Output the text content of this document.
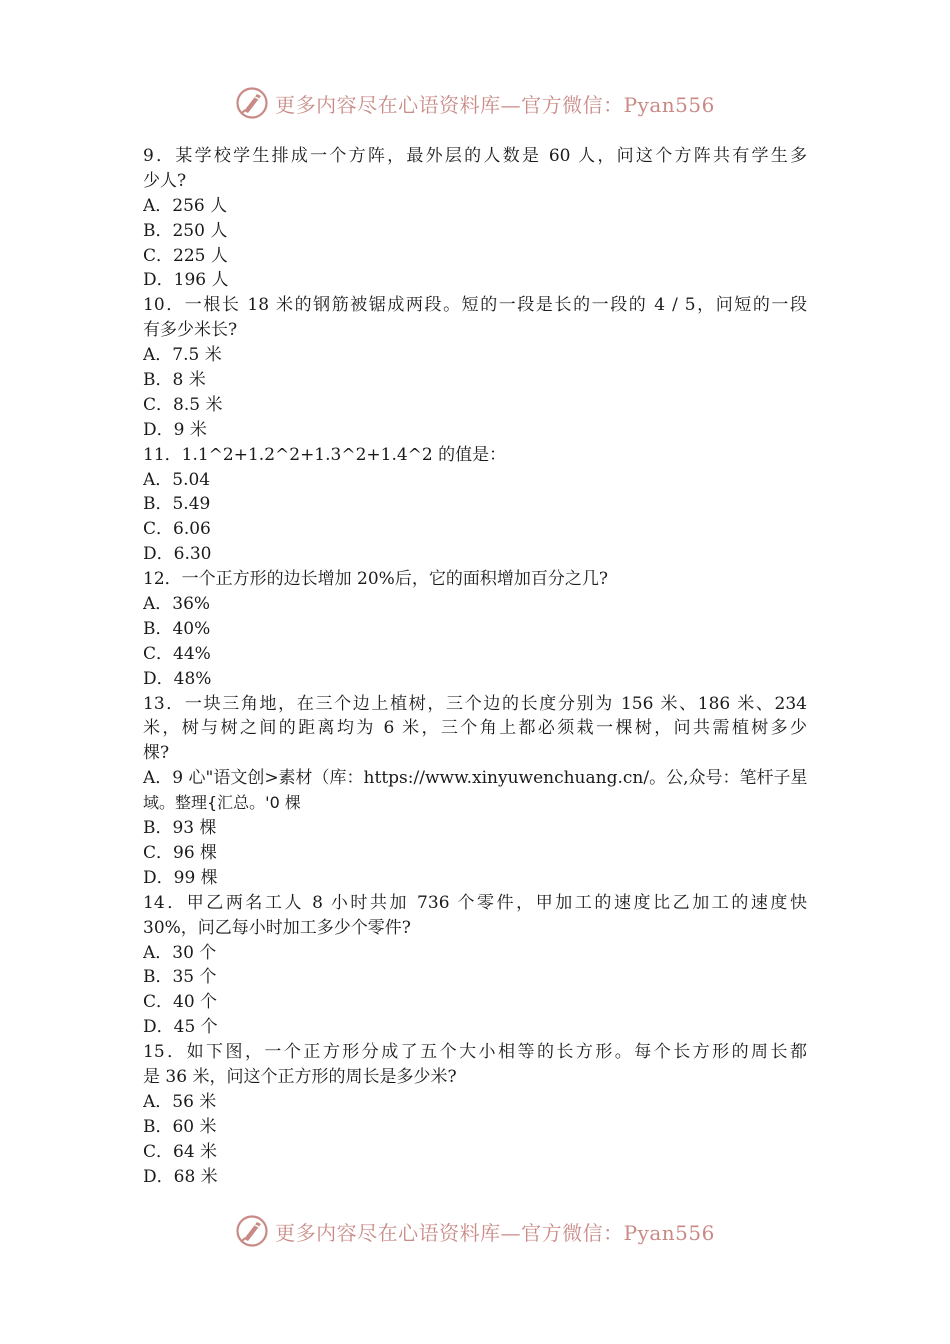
更多内容尽在心语资料库—官方微信：Pyan556
9．某学校学生排成一个方阵，最外层的人数是 60 人，问这个方阵共有学生多
少人?
A．256 人
B．250 人
C．225 人
D．196 人
10．一根长 18 米的钢筋被锯成两段。短的一段是长的一段的 4 / 5，问短的一段
有多少米长?
A．7.5 米
B．8 米
C．8.5 米
D．9 米
11．1.1^2+1.2^2+1.3^2+1.4^2 的值是：
A．5.04
B．5.49
C．6.06
D．6.30
12．一个正方形的边长增加 20%后，它的面积增加百分之几?
A．36%
B．40%
C．44%
D．48%
13．一块三角地，在三个边上植树，三个边的长度分别为 156 米、186 米、234
米，树与树之间的距离均为 6 米，三个角上都必须栽一棵树，问共需植树多少
棵?
A．9 心"语文创>素材（库：https://www.xinyuwenchuang.cn/。公,众号：笔杆子星
域。整理{汇总。'0 棵
B．93 棵
C．96 棵
D．99 棵
14．甲乙两名工人 8 小时共加 736 个零件，甲加工的速度比乙加工的速度快
30%，问乙每小时加工多少个零件?
A．30 个
B．35 个
C．40 个
D．45 个
15．如下图，一个正方形分成了五个大小相等的长方形。每个长方形的周长都
是 36 米，问这个正方形的周长是多少米?
A．56 米
B．60 米
C．64 米
D．68 米
更多内容尽在心语资料库—官方微信：Pyan556
